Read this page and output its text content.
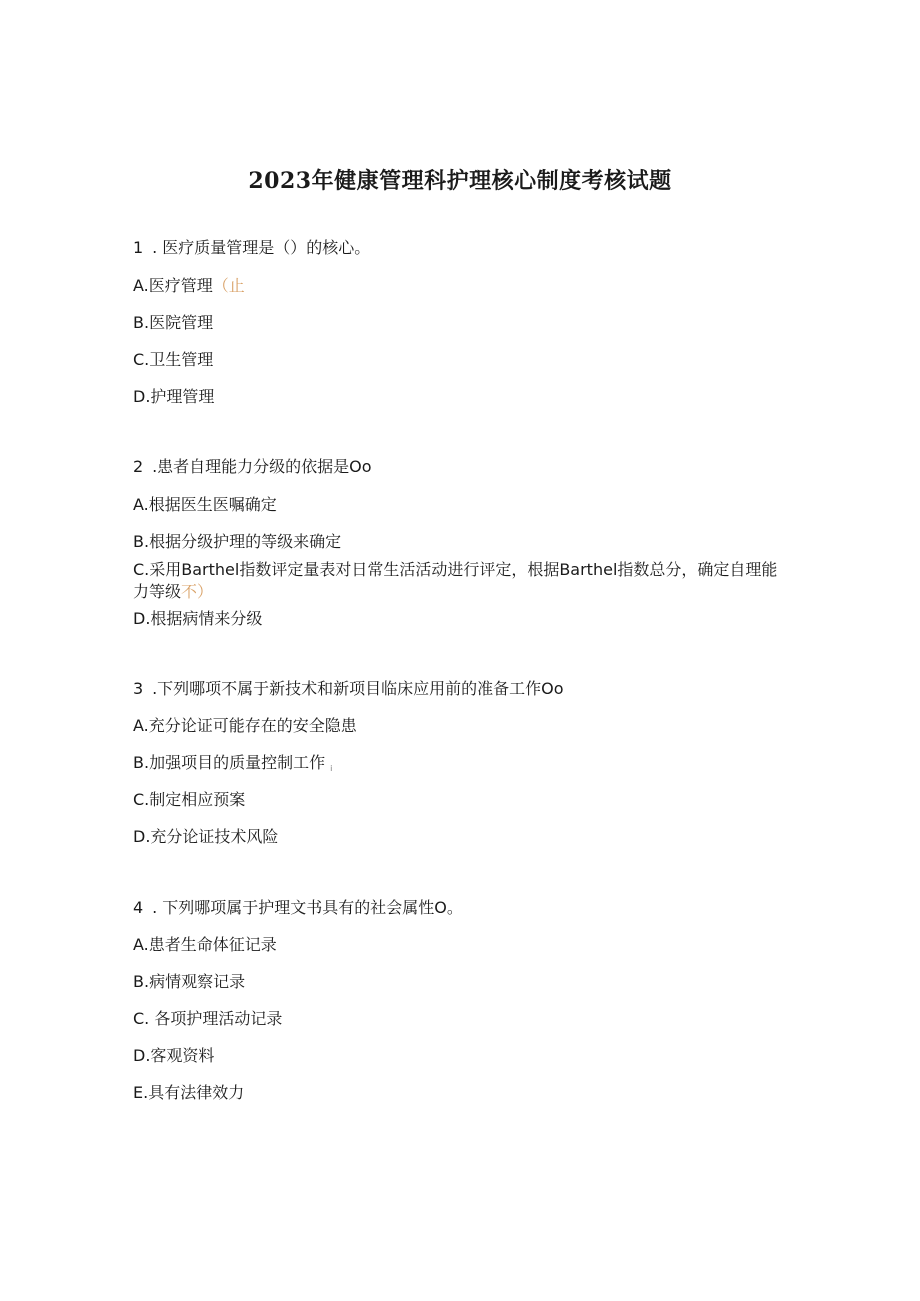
2023年健康管理科护理核心制度考核试题
1 . 医疗质量管理是（）的核心。
A.医疗管理（止
B.医院管理
C.卫生管理
D.护理管理
2 .患者自理能力分级的依据是Oo
A.根据医生医嘱确定
B.根据分级护理的等级来确定
C.采用Barthel指数评定量表对日常生活活动进行评定，根据Barthel指数总分，确定自理能力等级不）
D.根据病情来分级
3 .下列哪项不属于新技术和新项目临床应用前的准备工作Oo
A.充分论证可能存在的安全隐患
B.加强项目的质量控制工作 i
C.制定相应预案
D.充分论证技术风险
4 . 下列哪项属于护理文书具有的社会属性O。
A.患者生命体征记录
B.病情观察记录
C. 各项护理活动记录
D.客观资料
E.具有法律效力
